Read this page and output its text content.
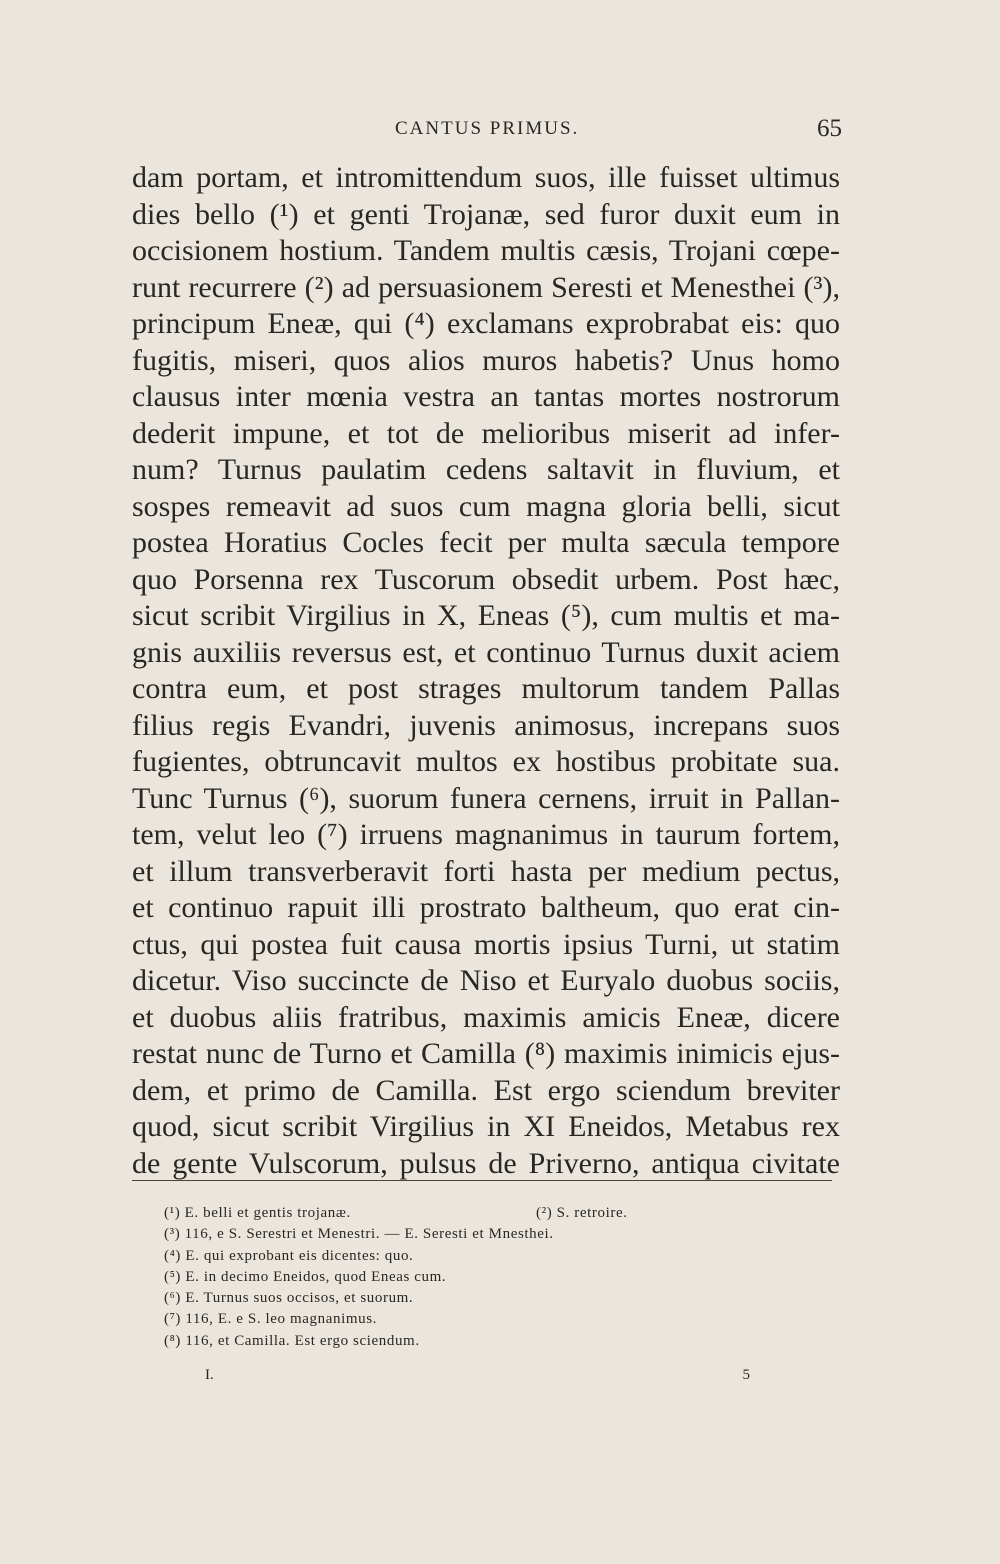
CANTUS PRIMUS.	65
dam portam, et intromittendum suos, ille fuisset ultimus
dies bello (¹) et genti Trojanæ, sed furor duxit eum in
occisionem hostium. Tandem multis cæsis, Trojani cœpe-
runt recurrere (²) ad persuasionem Seresti et Menesthei (³),
principum Eneæ, qui (⁴) exclamans exprobrabat eis: quo
fugitis, miseri, quos alios muros habetis? Unus homo
clausus inter mœnia vestra an tantas mortes nostrorum
dederit impune, et tot de melioribus miserit ad infer-
num? Turnus paulatim cedens saltavit in fluvium, et
sospes remeavit ad suos cum magna gloria belli, sicut
postea Horatius Cocles fecit per multa sæcula tempore
quo Porsenna rex Tuscorum obsedit urbem. Post hæc,
sicut scribit Virgilius in X, Eneas (⁵), cum multis et ma-
gnis auxiliis reversus est, et continuo Turnus duxit aciem
contra eum, et post strages multorum tandem Pallas
filius regis Evandri, juvenis animosus, increpans suos
fugientes, obtruncavit multos ex hostibus probitate sua.
Tunc Turnus (⁶), suorum funera cernens, irruit in Pallan-
tem, velut leo (⁷) irruens magnanimus in taurum fortem,
et illum transverberavit forti hasta per medium pectus,
et continuo rapuit illi prostrato baltheum, quo erat cin-
ctus, qui postea fuit causa mortis ipsius Turni, ut statim
dicetur. Viso succincte de Niso et Euryalo duobus sociis,
et duobus aliis fratribus, maximis amicis Eneæ, dicere
restat nunc de Turno et Camilla (⁸) maximis inimicis ejus-
dem, et primo de Camilla. Est ergo sciendum breviter
quod, sicut scribit Virgilius in XI Eneidos, Metabus rex
de gente Vulscorum, pulsus de Priverno, antiqua civitate
(¹) E. belli et gentis trojanæ.	(²) S. retroire.
(³) 116, e S. Serestri et Menestri. — E. Seresti et Mnesthei.
(⁴) E. qui exprobant eis dicentes: quo.
(⁵) E. in decimo Eneidos, quod Eneas cum.
(⁶) E. Turnus suos occisos, et suorum.
(⁷) 116, E. e S. leo magnanimus.
(⁸) 116, et Camilla. Est ergo sciendum.
I.	5
